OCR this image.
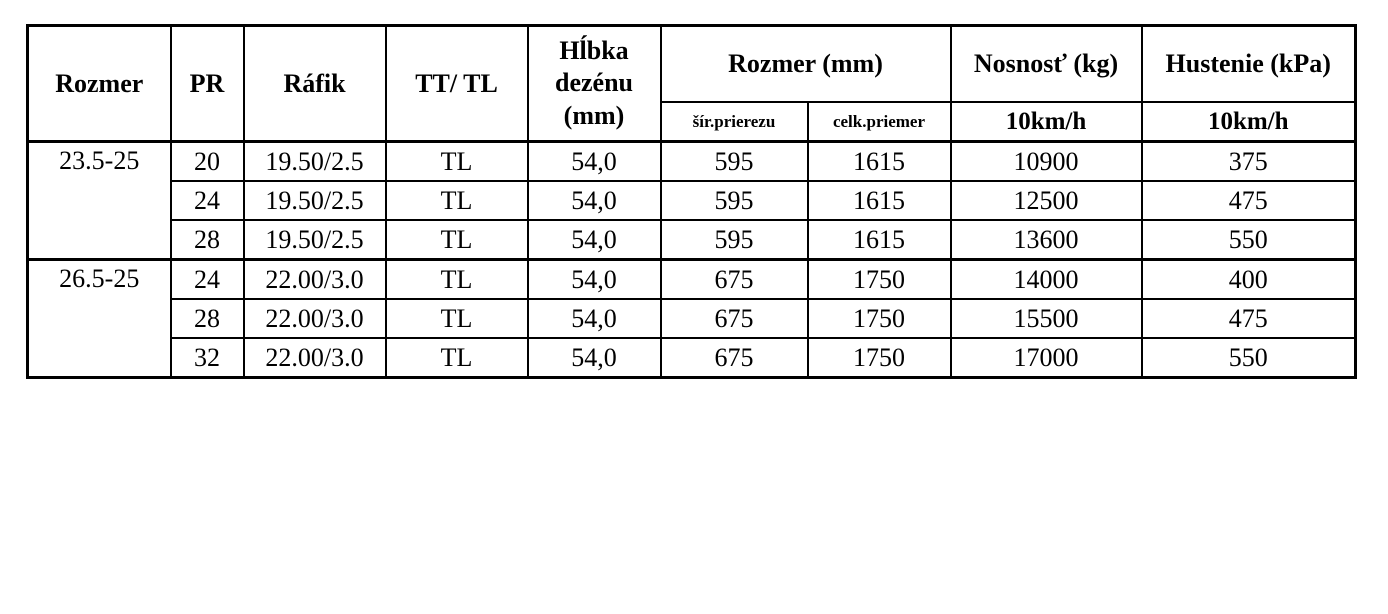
Rozmer	PR	Ráfik	TT/ TL	Hĺbka
dezénu
(mm)	Rozmer (mm)		Nosnosť (kg)	Hustenie (kPa)
					šír.prierezu	celk.priemer	10km/h	10km/h
23.5-25	20	19.50/2.5	TL	54,0	595	1615	10900	375
	24	19.50/2.5	TL	54,0	595	1615	12500	475
	28	19.50/2.5	TL	54,0	595	1615	13600	550
26.5-25	24	22.00/3.0	TL	54,0	675	1750	14000	400
	28	22.00/3.0	TL	54,0	675	1750	15500	475
	32	22.00/3.0	TL	54,0	675	1750	17000	550
